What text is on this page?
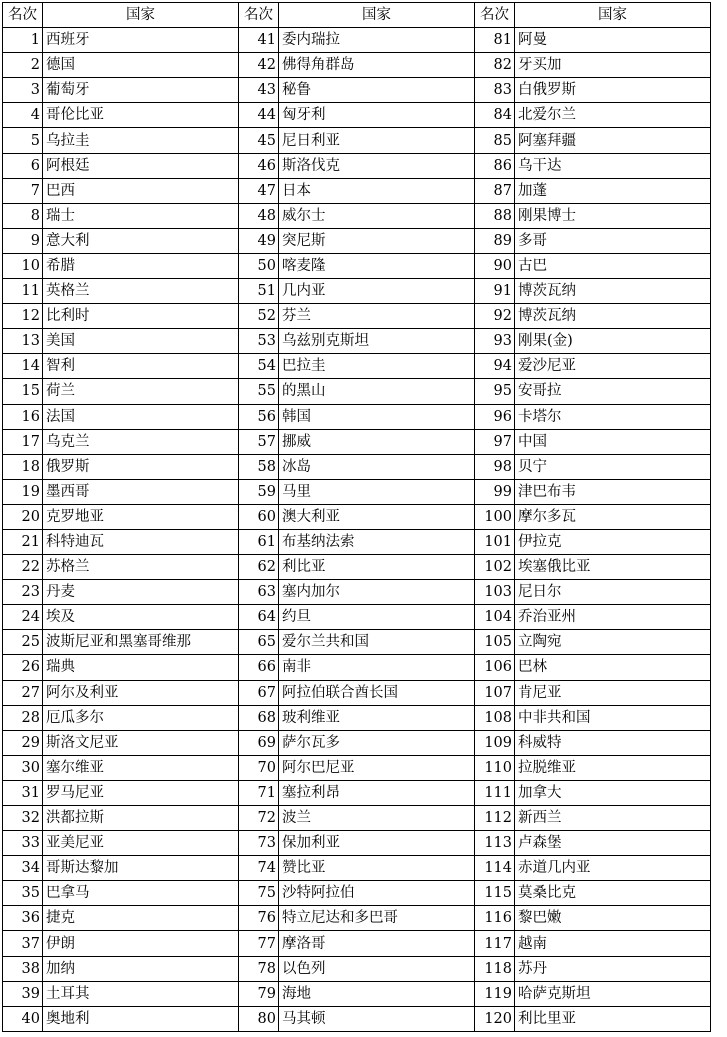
名次	国家	名次	国家	名次	国家
1	西班牙	41	委内瑞拉	81	阿曼
2	德国	42	佛得角群岛	82	牙买加
3	葡萄牙	43	秘鲁	83	白俄罗斯
4	哥伦比亚	44	匈牙利	84	北爱尔兰
5	乌拉圭	45	尼日利亚	85	阿塞拜疆
6	阿根廷	46	斯洛伐克	86	乌干达
7	巴西	47	日本	87	加蓬
8	瑞士	48	威尔士	88	刚果博士
9	意大利	49	突尼斯	89	多哥
10	希腊	50	喀麦隆	90	古巴
11	英格兰	51	几内亚	91	博茨瓦纳
12	比利时	52	芬兰	92	博茨瓦纳
13	美国	53	乌兹别克斯坦	93	刚果(金)
14	智利	54	巴拉圭	94	爱沙尼亚
15	荷兰	55	的黑山	95	安哥拉
16	法国	56	韩国	96	卡塔尔
17	乌克兰	57	挪威	97	中国
18	俄罗斯	58	冰岛	98	贝宁
19	墨西哥	59	马里	99	津巴布韦
20	克罗地亚	60	澳大利亚	100	摩尔多瓦
21	科特迪瓦	61	布基纳法索	101	伊拉克
22	苏格兰	62	利比亚	102	埃塞俄比亚
23	丹麦	63	塞内加尔	103	尼日尔
24	埃及	64	约旦	104	乔治亚州
25	波斯尼亚和黑塞哥维那	65	爱尔兰共和国	105	立陶宛
26	瑞典	66	南非	106	巴林
27	阿尔及利亚	67	阿拉伯联合酋长国	107	肯尼亚
28	厄瓜多尔	68	玻利维亚	108	中非共和国
29	斯洛文尼亚	69	萨尔瓦多	109	科威特
30	塞尔维亚	70	阿尔巴尼亚	110	拉脱维亚
31	罗马尼亚	71	塞拉利昂	111	加拿大
32	洪都拉斯	72	波兰	112	新西兰
33	亚美尼亚	73	保加利亚	113	卢森堡
34	哥斯达黎加	74	赞比亚	114	赤道几内亚
35	巴拿马	75	沙特阿拉伯	115	莫桑比克
36	捷克	76	特立尼达和多巴哥	116	黎巴嫩
37	伊朗	77	摩洛哥	117	越南
38	加纳	78	以色列	118	苏丹
39	土耳其	79	海地	119	哈萨克斯坦
40	奥地利	80	马其顿	120	利比里亚
